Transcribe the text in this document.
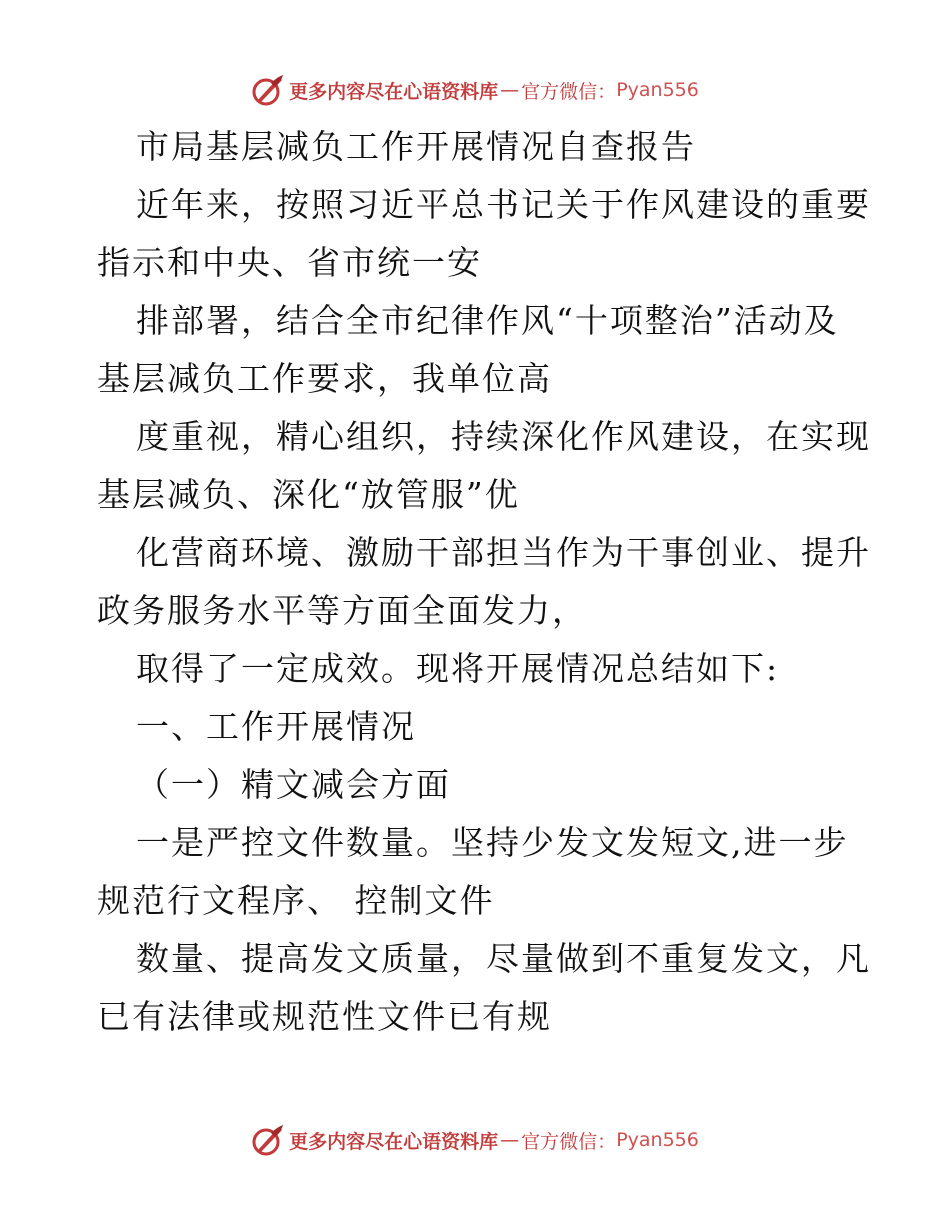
更多内容尽在心语资料库 — 官方微信： Pyan556
市局基层减负工作开展情况自查报告
近年来，按照习近平总书记关于作风建设的重要
指示和中央、省市统一安
排部署，结合全市纪律作风“十项整治”活动及
基层减负工作要求，我单位高
度重视，精心组织，持续深化作风建设，在实现
基层减负、深化“放管服”优
化营商环境、激励干部担当作为干事创业、提升
政务服务水平等方面全面发力，
取得了一定成效。现将开展情况总结如下:
一、工作开展情况
（一）精文减会方面
一是严控文件数量。坚持少发文发短文,进一步
规范行文程序、 控制文件
数量、提高发文质量，尽量做到不重复发文，凡
已有法律或规范性文件已有规
更多内容尽在心语资料库 — 官方微信： Pyan556
